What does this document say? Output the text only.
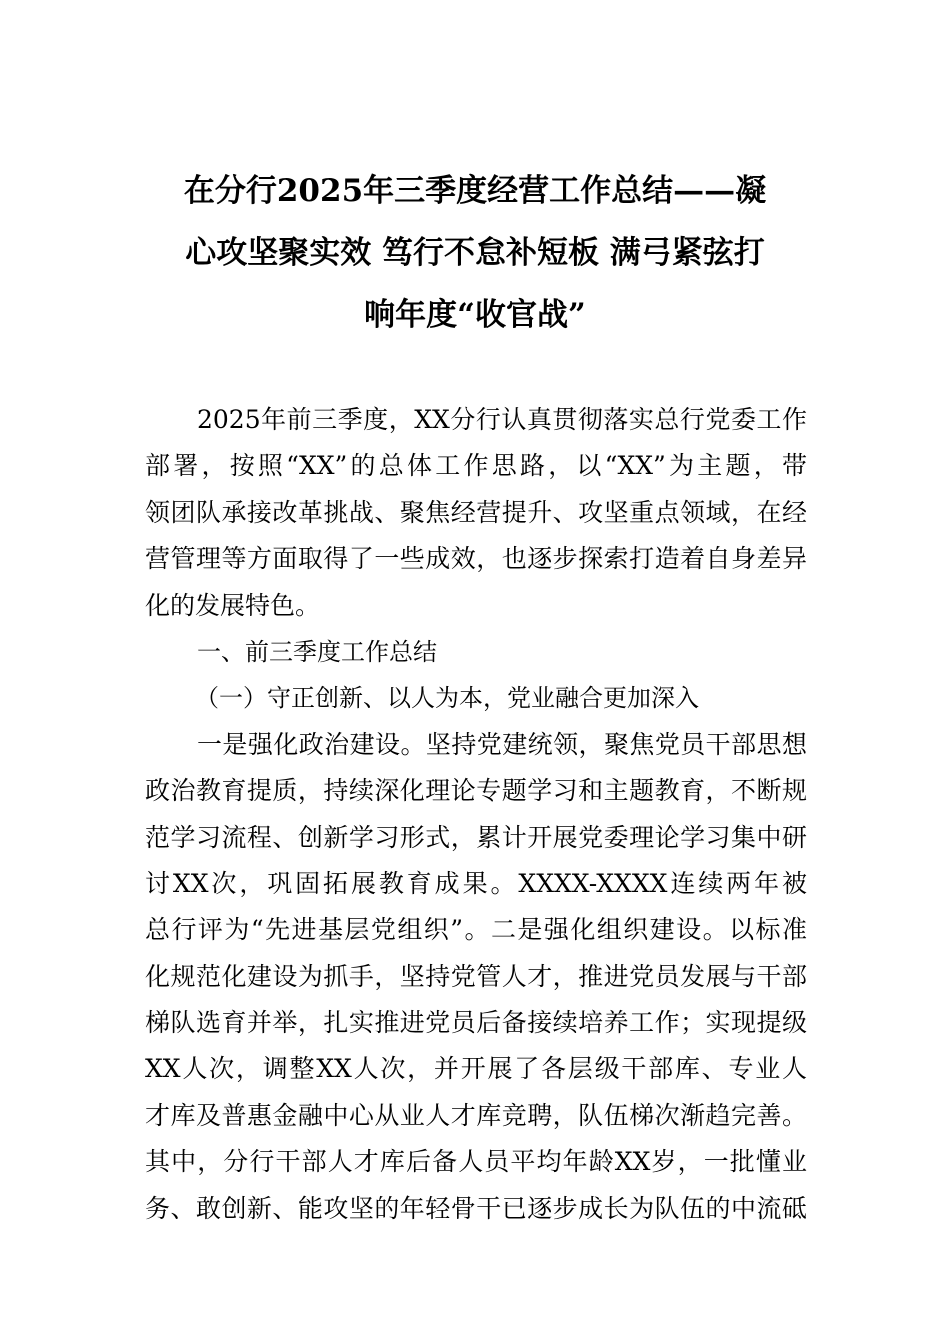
在分行2025年三季度经营工作总结——凝
心攻坚聚实效 笃行不怠补短板 满弓紧弦打
响年度“收官战”
2025年前三季度，XX分行认真贯彻落实总行党委工作
部署，按照“XX”的总体工作思路，以“XX”为主题，带
领团队承接改革挑战、聚焦经营提升、攻坚重点领域，在经
营管理等方面取得了一些成效，也逐步探索打造着自身差异
化的发展特色。
一、前三季度工作总结
（一）守正创新、以人为本，党业融合更加深入
一是强化政治建设。坚持党建统领，聚焦党员干部思想
政治教育提质，持续深化理论专题学习和主题教育，不断规
范学习流程、创新学习形式，累计开展党委理论学习集中研
讨XX次，巩固拓展教育成果。XXXX-XXXX连续两年被
总行评为“先进基层党组织”。二是强化组织建设。以标准
化规范化建设为抓手，坚持党管人才，推进党员发展与干部
梯队选育并举，扎实推进党员后备接续培养工作；实现提级
XX人次，调整XX人次，并开展了各层级干部库、专业人
才库及普惠金融中心从业人才库竞聘，队伍梯次渐趋完善。
其中，分行干部人才库后备人员平均年龄XX岁，一批懂业
务、敢创新、能攻坚的年轻骨干已逐步成长为队伍的中流砥
